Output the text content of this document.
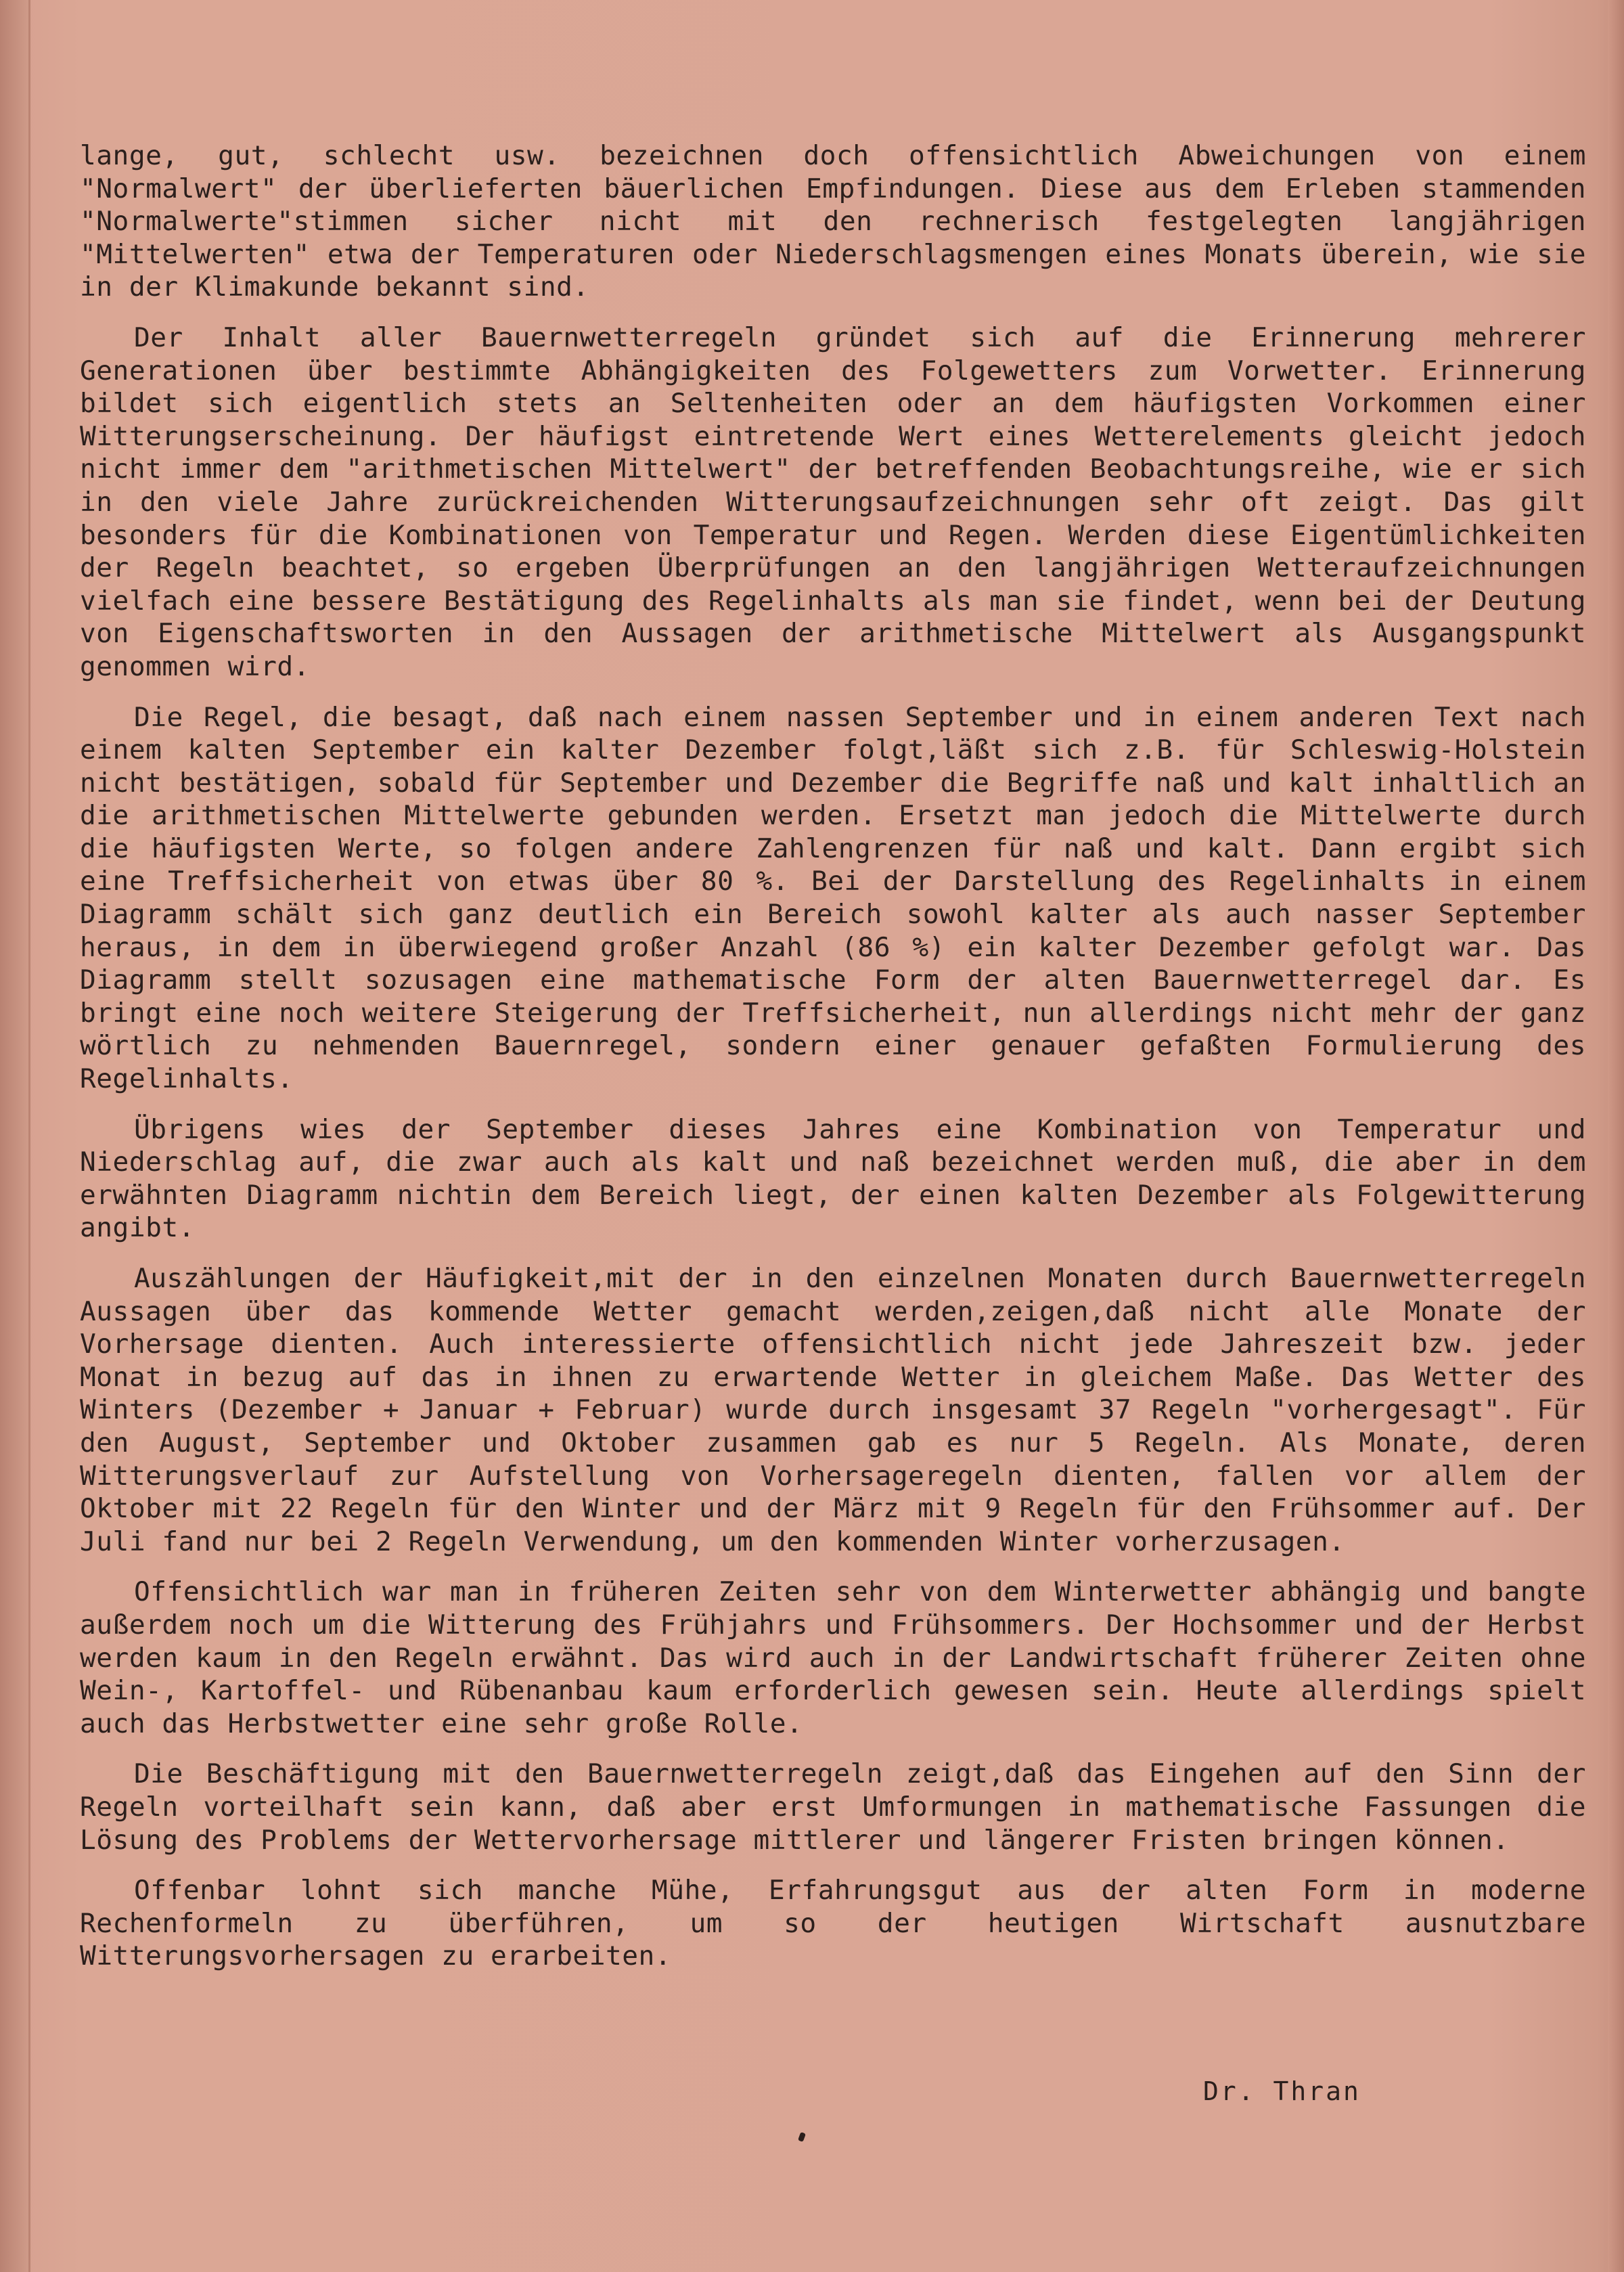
lange, gut, schlecht usw. bezeichnen doch offensichtlich Abweichungen von einem "Normalwert" der überlieferten bäuerlichen Empfindungen. Diese aus dem Erleben stammenden "Normalwerte"stimmen sicher nicht mit den rechnerisch festgelegten langjährigen "Mittelwerten" etwa der Temperaturen oder Niederschlagsmengen eines Monats überein, wie sie in der Klimakunde bekannt sind.

Der Inhalt aller Bauernwetterregeln gründet sich auf die Erinnerung mehrerer Generationen über bestimmte Abhängigkeiten des Folgewetters zum Vorwetter. Erinnerung bildet sich eigentlich stets an Seltenheiten oder an dem häufigsten Vorkommen einer Witterungserscheinung. Der häufigst eintretende Wert eines Wetterelements gleicht jedoch nicht immer dem "arithmetischen Mittelwert" der betreffenden Beobachtungsreihe, wie er sich in den viele Jahre zurückreichenden Witterungsaufzeichnungen sehr oft zeigt. Das gilt besonders für die Kombinationen von Temperatur und Regen. Werden diese Eigentümlichkeiten der Regeln beachtet, so ergeben Überprüfungen an den langjährigen Wetteraufzeichnungen vielfach eine bessere Bestätigung des Regelinhalts als man sie findet, wenn bei der Deutung von Eigenschaftsworten in den Aussagen der arithmetische Mittelwert als Ausgangspunkt genommen wird.

Die Regel, die besagt, daß nach einem nassen September und in einem anderen Text nach einem kalten September ein kalter Dezember folgt,läßt sich z.B. für Schleswig-Holstein nicht bestätigen, sobald für September und Dezember die Begriffe naß und kalt inhaltlich an die arithmetischen Mittelwerte gebunden werden. Ersetzt man jedoch die Mittelwerte durch die häufigsten Werte, so folgen andere Zahlengrenzen für naß und kalt. Dann ergibt sich eine Treffsicherheit von etwas über 80 %. Bei der Darstellung des Regelinhalts in einem Diagramm schält sich ganz deutlich ein Bereich sowohl kalter als auch nasser September heraus, in dem in überwiegend großer Anzahl (86 %) ein kalter Dezember gefolgt war. Das Diagramm stellt sozusagen eine mathematische Form der alten Bauernwetterregel dar. Es bringt eine noch weitere Steigerung der Treffsicherheit, nun allerdings nicht mehr der ganz wörtlich zu nehmenden Bauernregel, sondern einer genauer gefaßten Formulierung des Regelinhalts.

Übrigens wies der September dieses Jahres eine Kombination von Temperatur und Niederschlag auf, die zwar auch als kalt und naß bezeichnet werden muß, die aber in dem erwähnten Diagramm nichtin dem Bereich liegt, der einen kalten Dezember als Folgewitterung angibt.

Auszählungen der Häufigkeit,mit der in den einzelnen Monaten durch Bauernwetterregeln Aussagen über das kommende Wetter gemacht werden,zeigen,daß nicht alle Monate der Vorhersage dienten. Auch interessierte offensichtlich nicht jede Jahreszeit bzw. jeder Monat in bezug auf das in ihnen zu erwartende Wetter in gleichem Maße. Das Wetter des Winters (Dezember + Januar + Februar) wurde durch insgesamt 37 Regeln "vorhergesagt". Für den August, September und Oktober zusammen gab es nur 5 Regeln. Als Monate, deren Witterungsverlauf zur Aufstellung von Vorhersageregeln dienten, fallen vor allem der Oktober mit 22 Regeln für den Winter und der März mit 9 Regeln für den Frühsommer auf. Der Juli fand nur bei 2 Regeln Verwendung, um den kommenden Winter vorherzusagen.

Offensichtlich war man in früheren Zeiten sehr von dem Winterwetter abhängig und bangte außerdem noch um die Witterung des Frühjahrs und Frühsommers. Der Hochsommer und der Herbst werden kaum in den Regeln erwähnt. Das wird auch in der Landwirtschaft früherer Zeiten ohne Wein-, Kartoffel- und Rübenanbau kaum erforderlich gewesen sein. Heute allerdings spielt auch das Herbstwetter eine sehr große Rolle.

Die Beschäftigung mit den Bauernwetterregeln zeigt,daß das Eingehen auf den Sinn der Regeln vorteilhaft sein kann, daß aber erst Umformungen in mathematische Fassungen die Lösung des Problems der Wettervorhersage mittlerer und längerer Fristen bringen können.

Offenbar lohnt sich manche Mühe, Erfahrungsgut aus der alten Form in moderne Rechenformeln zu überführen, um so der heutigen Wirtschaft ausnutzbare Witterungsvorhersagen zu erarbeiten.

Dr. Thran
